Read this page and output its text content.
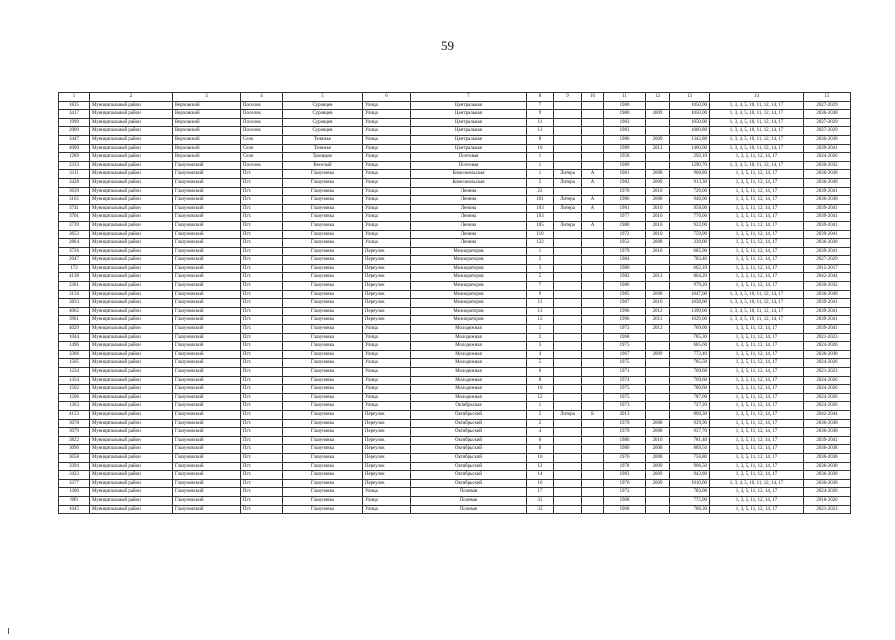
59
1	2	3	4	5	6	7	8	9	10	11	12	13	14	15
1835	Муниципальный район	Верховский	Поселок	Суровцев	Улица	Центральная	7			1980		1050,00	1, 3, 4, 5, 10, 11, 12, 14, 17	2027-2029
3417	Муниципальный район	Верховский	Поселок	Суровцев	Улица	Центральная	9			1980	2009	1050,00	1, 3, 4, 5, 10, 11, 12, 14, 17	2036-2038
1999	Муниципальный район	Верховский	Поселок	Суровцев	Улица	Центральная	11			1983		1050,00	1, 3, 4, 5, 10, 11, 12, 14, 17	2027-2029
2000	Муниципальный район	Верховский	Поселок	Суровцев	Улица	Центральная	13			1983		1060,80	1, 3, 4, 5, 10, 11, 12, 14, 17	2027-2029
3447	Муниципальный район	Верховский	Село	Теляжье	Улица	Центральная	8			1986	2009	1342,80	1, 3, 4, 5, 10, 11, 12, 14, 17	2036-2038
4000	Муниципальный район	Верховский	Село	Теляжье	Улица	Центральная	10			1989	2012	1460,00	1, 3, 4, 5, 10, 11, 12, 14, 17	2039-2041
1289	Муниципальный район	Верховский	Село	Троицкое	Улица	Почтовая	1			1958		292,10	1, 3, 5, 11, 12, 14, 17	2024-2026
2333	Муниципальный район	Глазуновский	Поселок	Веселый	Улица	Почтовая	1			1989		1290,70	1, 3, 4, 5, 10, 11, 12, 14, 17	2030-2032
3111	Муниципальный район	Глазуновский	Пгт.	Глазуновка	Улица	Комсомольская	1	Литера	А	1981	2008	900,80	1, 3, 5, 11, 12, 14, 17	2036-2038
3428	Муниципальный район	Глазуновский	Пгт.	Глазуновка	Улица	Комсомольская	2	Литера	А	1982	2009	913,30	1, 3, 5, 11, 12, 14, 17	2036-2038
3639	Муниципальный район	Глазуновский	Пгт.	Глазуновка	Улица	Ленина	23			1970	2010	720,00	1, 3, 5, 11, 12, 14, 17	2039-2041
3165	Муниципальный район	Глазуновский	Пгт.	Глазуновка	Улица	Ленина	101	Литера	А	1986	2008	940,00	1, 3, 5, 11, 12, 14, 17	2036-2038
3741	Муниципальный район	Глазуновский	Пгт.	Глазуновка	Улица	Ленина	103	Литера	А	1981	2010	958,00	1, 3, 5, 11, 12, 14, 17	2039-2041
3701	Муниципальный район	Глазуновский	Пгт.	Глазуновка	Улица	Ленина	103			1977	2010	770,00	1, 3, 5, 11, 12, 14, 17	2039-2041
3739	Муниципальный район	Глазуновский	Пгт.	Глазуновка	Улица	Ленина	105	Литера	А	1980	2010	922,00	1, 3, 5, 11, 12, 14, 17	2039-2041
3653	Муниципальный район	Глазуновский	Пгт.	Глазуновка	Улица	Ленина	110			1972	2010	759,90	1, 3, 5, 11, 12, 14, 17	2039-2041
2864	Муниципальный район	Глазуновский	Пгт.	Глазуновка	Улица	Ленина	132			1952	2008	339,00	1, 3, 5, 11, 12, 14, 17	2036-2038
3726	Муниципальный район	Глазуновский	Пгт.	Глазуновка	Переулок	Мелиораторов	1			1979	2010	685,90	1, 3, 5, 11, 12, 14, 17	2039-2041
2047	Муниципальный район	Глазуновский	Пгт.	Глазуновка	Переулок	Мелиораторов	2			1984		783,40	1, 3, 5, 11, 12, 14, 17	2027-2029
172	Муниципальный район	Глазуновский	Пгт.	Глазуновка	Переулок	Мелиораторов	3			1980		662,10	1, 3, 5, 11, 12, 14, 17	2015-2017
4138	Муниципальный район	Глазуновский	Пгт.	Глазуновка	Переулок	Мелиораторов	5			1982	2013	804,20	1, 3, 5, 11, 12, 14, 17	2042-2044
2361	Муниципальный район	Глазуновский	Пгт.	Глазуновка	Переулок	Мелиораторов	7			1986		979,20	1, 3, 5, 11, 12, 14, 17	2030-2032
3156	Муниципальный район	Глазуновский	Пгт.	Глазуновка	Переулок	Мелиораторов	9			1985	2008	1047,00	1, 3, 4, 5, 10, 11, 12, 14, 17	2036-2038
3833	Муниципальный район	Глазуновский	Пгт.	Глазуновка	Переулок	Мелиораторов	11			1987	2010	1058,00	1, 3, 4, 5, 10, 11, 12, 14, 17	2039-2041
4062	Муниципальный район	Глазуновский	Пгт.	Глазуновка	Переулок	Мелиораторов	13			1990	2012	1399,00	1, 3, 4, 5, 10, 11, 12, 14, 17	2039-2041
3961	Муниципальный район	Глазуновский	Пгт.	Глазуновка	Переулок	Мелиораторов	15			1990	2011	1029,00	1, 3, 4, 5, 10, 11, 12, 14, 17	2039-2041
4029	Муниципальный район	Глазуновский	Пгт.	Глазуновка	Улица	Молодежная	1			1973	2012	769,00	1, 3, 5, 11, 12, 14, 17	2039-2041
1044	Муниципальный район	Глазуновский	Пгт.	Глазуновка	Улица	Молодежная	2			1968		785,30	1, 3, 5, 11, 12, 14, 17	2021-2023
1496	Муниципальный район	Глазуновский	Пгт.	Глазуновка	Улица	Молодежная	3			1975		685,60	1, 3, 5, 11, 12, 14, 17	2024-2026
3306	Муниципальный район	Глазуновский	Пгт.	Глазуновка	Улица	Молодежная	4			1967	2009	772,40	1, 3, 5, 11, 12, 14, 17	2036-2038
1505	Муниципальный район	Глазуновский	Пгт.	Глазуновка	Улица	Молодежная	5			1975		785,50	1, 3, 5, 11, 12, 14, 17	2024-2026
1234	Муниципальный район	Глазуновский	Пгт.	Глазуновка	Улица	Молодежная	6			1971		769,60	1, 3, 5, 11, 12, 14, 17	2021-2023
1434	Муниципальный район	Глазуновский	Пгт.	Глазуновка	Улица	Молодежная	8			1974		769,60	1, 3, 5, 11, 12, 14, 17	2024-2026
1502	Муниципальный район	Глазуновский	Пгт.	Глазуновка	Улица	Молодежная	10			1975		780,60	1, 3, 5, 11, 12, 14, 17	2024-2026
1506	Муниципальный район	Глазуновский	Пгт.	Глазуновка	Улица	Молодежная	12			1975		787,00	1, 3, 5, 11, 12, 14, 17	2024-2026
1363	Муниципальный район	Глазуновский	Пгт.	Глазуновка	Улица	Октябрьская	1			1973		727,20	1, 3, 5, 11, 12, 14, 17	2024-2026
4153	Муниципальный район	Глазуновский	Пгт.	Глазуновка	Переулок	Октябрьский	2	Литера	Б	2013		800,30	1, 3, 5, 11, 12, 14, 17	2042-2044
3078	Муниципальный район	Глазуновский	Пгт.	Глазуновка	Переулок	Октябрьский	2			1979	2008	929,90	1, 3, 5, 11, 12, 14, 17	2036-2038
3079	Муниципальный район	Глазуновский	Пгт.	Глазуновка	Переулок	Октябрьский	4			1979	2008	937,70	1, 3, 5, 11, 12, 14, 17	2036-2038
3822	Муниципальный район	Глазуновский	Пгт.	Глазуновка	Переулок	Октябрьский	6			1986	2010	781,40	1, 3, 5, 11, 12, 14, 17	2039-2041
3090	Муниципальный район	Глазуновский	Пгт.	Глазуновка	Переулок	Октябрьский	8			1980	2008	889,50	1, 3, 5, 11, 12, 14, 17	2036-2038
3058	Муниципальный район	Глазуновский	Пгт.	Глазуновка	Переулок	Октябрьский	10			1976	2008	756,80	1, 3, 5, 11, 12, 14, 17	2036-2038
3394	Муниципальный район	Глазуновский	Пгт.	Глазуновка	Переулок	Октябрьский	12			1978	2009	906,50	1, 3, 5, 11, 12, 14, 17	2036-2038
3433	Муниципальный район	Глазуновский	Пгт.	Глазуновка	Переулок	Октябрьский	14			1983	2009	942,80	1, 3, 5, 11, 12, 14, 17	2036-2038
3377	Муниципальный район	Глазуновский	Пгт.	Глазуновка	Переулок	Октябрьский	16			1976	2009	1010,00	1, 3, 4, 5, 10, 11, 12, 14, 17	2036-2038
1300	Муниципальный район	Глазуновский	Пгт.	Глазуновка	Улица	Полевая	17			1972		783,00	1, 3, 5, 11, 12, 14, 17	2024-2026
699	Муниципальный район	Глазуновский	Пгт.	Глазуновка	Улица	Полевая	31			1968		775,90	1, 3, 5, 11, 12, 14, 17	2018-2020
1045	Муниципальный район	Глазуновский	Пгт.	Глазуновка	Улица	Полевая	33			1968		788,30	1, 3, 5, 11, 12, 14, 17	2021-2023
